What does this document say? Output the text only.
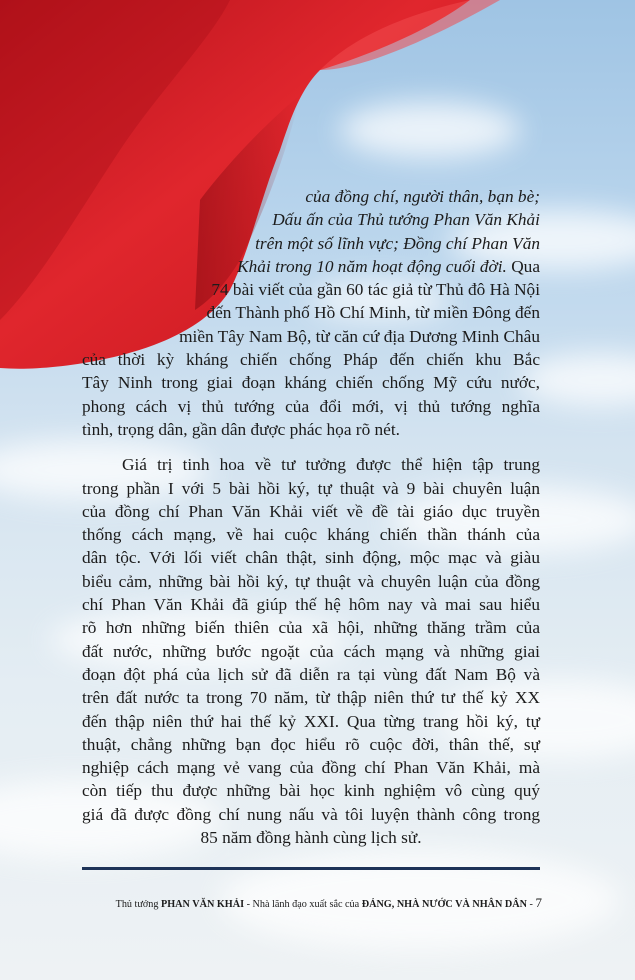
của đồng chí, người thân, bạn bè;
Dấu ấn của Thủ tướng Phan Văn Khải
trên một số lĩnh vực; Đồng chí Phan Văn
Khải trong 10 năm hoạt động cuối đời. Qua
74 bài viết của gần 60 tác giả từ Thủ đô Hà Nội
đến Thành phố Hồ Chí Minh, từ miền Đông đến
miền Tây Nam Bộ, từ căn cứ địa Dương Minh Châu
của thời kỳ kháng chiến chống Pháp đến chiến khu Bắc
Tây Ninh trong giai đoạn kháng chiến chống Mỹ cứu nước,
phong cách vị thủ tướng của đổi mới, vị thủ tướng nghĩa
tình, trọng dân, gần dân được phác họa rõ nét.
Giá trị tinh hoa về tư tưởng được thể hiện tập trung
trong phần I với 5 bài hồi ký, tự thuật và 9 bài chuyên luận
của đồng chí Phan Văn Khải viết về đề tài giáo dục truyền
thống cách mạng, về hai cuộc kháng chiến thần thánh của
dân tộc. Với lối viết chân thật, sinh động, mộc mạc và giàu
biểu cảm, những bài hồi ký, tự thuật và chuyên luận của đồng
chí Phan Văn Khải đã giúp thế hệ hôm nay và mai sau hiểu
rõ hơn những biến thiên của xã hội, những thăng trầm của
đất nước, những bước ngoặt của cách mạng và những giai
đoạn đột phá của lịch sử đã diễn ra tại vùng đất Nam Bộ và
trên đất nước ta trong 70 năm, từ thập niên thứ tư thế kỷ XX
đến thập niên thứ hai thế kỷ XXI. Qua từng trang hồi ký, tự
thuật, chẳng những bạn đọc hiểu rõ cuộc đời, thân thế, sự
nghiệp cách mạng vẻ vang của đồng chí Phan Văn Khải, mà
còn tiếp thu được những bài học kinh nghiệm vô cùng quý
giá đã được đồng chí nung nấu và tôi luyện thành công trong
85 năm đồng hành cùng lịch sử.
Thủ tướng PHAN VĂN KHẢI - Nhà lãnh đạo xuất sắc của ĐẢNG, NHÀ NƯỚC VÀ NHÂN DÂN - 7
